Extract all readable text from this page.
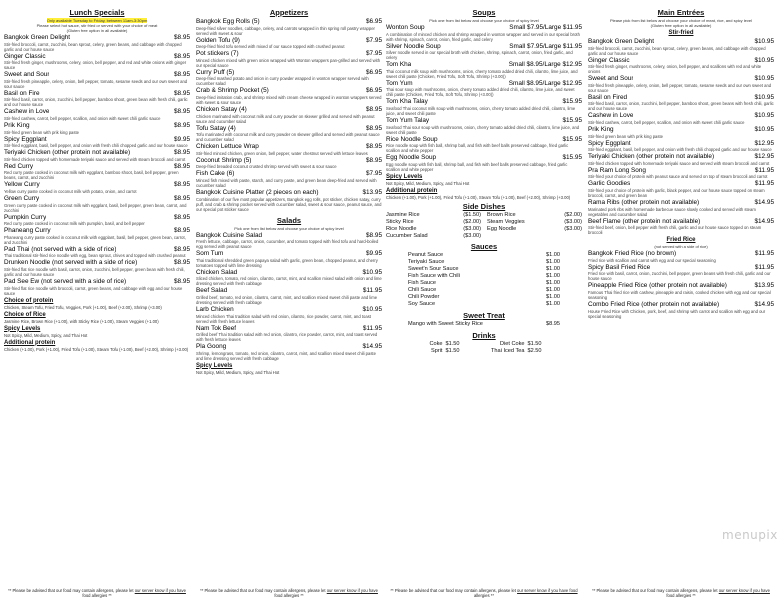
Lunch Specials
Only available Tuesday to Friday, between 11am-3:30pm
Please select hot sauce, stir fried or served with your choice of meat
(Gluten free option in all available)
Bangkok Green Delight	$8.95
Stir-fried broccoli, carrot, zucchini, bean sprout, celery, green beans, and cabbage with chopped garlic and our house sauce
Ginger Classic	$8.95
Stir-fried fresh ginger, mushrooms, celery, onion, bell pepper, and red and white onions with ginger sauce
Sweet and Sour	$8.95
Stir-fried fresh pineapple, celery, onion, bell pepper, tomato, sesame seeds and our own sweet and sour sauce
Basil on Fire	$8.95
Stir-fried basil, carrot, onion, zucchini, bell pepper, bamboo shoot, green bean with fresh chili, garlic and our house sauce
Cashew in Love	$8.95
Stir-fried cashew, carrot, bell pepper, scallion, and onion with sweet chili garlic sauce
Prik King	$8.95
Stir-fried green bean with prik king paste
Spicy Eggplant	$9.95
Stir-fried eggplant, basil, bell pepper, and onion with fresh chili chopped garlic and our house sauce
Teriyaki Chicken (other protein not available)	$8.95
Stir-fried chicken topped with homemade teriyaki sauce and served with steam broccoli and carrot
Red Curry	$8.95
Red curry paste cooked in coconut milk with eggplant, bamboo shoot, basil, bell pepper, green beans, carrot, and zucchini
Yellow Curry	$8.95
Yellow curry paste cooked in coconut milk with potato, onion, and carrot
Green Curry	$8.95
Green curry paste cooked in coconut milk with eggplant, basil, bell pepper, green bean, carrot, and zucchini
Pumpkin Curry	$8.95
Red curry paste cooked in coconut milk with pumpkin, basil, and bell pepper
Phaneang Curry	$8.95
Phaneang curry paste cooked in coconut milk with eggplant, basil, bell pepper, green bean, carrot, and zucchini
Pad Thai (not served with a side of rice)	$8.95
Thai traditional stir-fried rice noodle with egg, bean sprout, chives and topped with crushed peanut
Drunken Noodle (not served with a side of rice)	$8.95
Stir-fried flat rice noodle with basil, carrot, onion, zucchini, bell pepper, green bean with fresh chili, garlic and our house sauce
Pad See Ew (not served with a side of rice)	$8.95
Stir-fried flat rice noodle with broccoli, carrot, green beans, and cabbage with egg and our house sauce
Choice of protein
Chicken, Steam Tofu, Fried Tofu, Veggies, Pork (+1.00), Beef (+2.00), Shrimp (+3.00)
Choice of Rice
Jasmine Rice, Brown Rice (+1.00), with Sticky Rice (+1.00), Steam Veggies (+1.00)
Spicy Levels
Not Spicy, Mild, Medium, Spicy, and Thai Hot
Additional protein
Chicken (+1.00), Pork (+1.00), Fried Tofu (+1.00), Steam Tofu (+1.00), Beef (+2.00), Shrimp (+3.00)
** Please be advised that our food may contain allergens, please let our server know if you have food allergies **
Appetizers
Bangkok Egg Rolls (5)	$6.95
Deep-fried silver noodles, cabbage, celery, and carrots wrapped in thin spring roll pastry wrapper served with sweet & sour
Golden Tofu (9)	$7.95
Deep-fried fried tofu served with mixed of our sauce topped with crushed peanut
Pot stickers (7)	$7.95
Minced chicken mixed with green onion wrapped with Wonton wrappers pan-grilled and served with our special sauce
Curry Puff (5)	$6.95
Deep-fried mashed potato and onion in curry powder wrapped in wonton wrapper served with cucumber salad
Crab & Shrimp Pocket (5)	$6.95
Deep-fried imitation crab, and shrimp mixed with cream cheese wrapped in wonton wrappers served with sweet & sour sauce
Chicken Satay (4)	$8.95
Chicken marinated with coconut milk and curry powder on skewer grilled and served with peanut sauce and cucumber salad
Tofu Satay (4)	$8.95
Tofu marinated with coconut milk and curry powder on skewer grilled and served with peanut sauce and cucumber salad
Chicken Lettuce Wrap	$8.95
Stir-fried minced chicken, green onion, bell pepper, water chestnut served with lettuce leaves
Coconut Shrimp (5)	$8.95
Deep-fried breaded coconut crusted shrimp served with sweet & sour sauce
Fish Cake (6)	$7.95
Minced fish mixed with paste, starch, and curry paste, and green bean deep-fried and served with cucumber salad
Bangkok Cuisine Platter (2 pieces on each)	$13.95
Combination of our five most popular appetizers, Bangkok egg rolls, pot sticker, chicken satay, curry puff, and crab & shrimp pocket served with cucumber salad, sweet & sour sauce, peanut sauce, and our special pot sticker sauce
Salads
Pick one from list below and choose your choice of spicy level
Bangkok Cuisine Salad	$8.95
Fresh lettuce, cabbage, carrot, onion, cucumber, and tomato topped with fried tofu and hard-boiled egg served with peanut sauce
Som Tum	$9.95
Thai traditional shredded green papaya salad with garlic, green bean, chopped peanut, and cherry tomatoes topped with lime dressing
Chicken Salad	$10.95
Sliced chicken, tomato, red onion, cilantro, carrot, mint, and scallion mixed salad with onion and lime dressing served with fresh cabbage
Beef Salad	$11.95
Grilled beef, tomato, red onion, cilantro, carrot, mint, and scallion mixed sweet chili paste and lime dressing served with fresh cabbage
Larb Chicken	$10.95
Minced chicken Thai tradition salad with red onion, cilantro, rice powder, carrot, mint, and toast served with fresh lettuce leaves
Nam Tok Beef	$11.95
Grilled beef Thai tradition salad with red onion, cilantro, rice powder, carrot, mint, and toast served with fresh lettuce leaves
Pla Goong	$14.95
Shrimp, lemongrass, tomato, red onion, cilantro, carrot, mint, and scallion mixed sweet chili paste and lime dressing served with fresh cabbage
Spicy Levels
Not Spicy, Mild, Medium, Spicy, and Thai Hot
** Please be advised that our food may contain allergens, please let our server know if you have food allergies **
Soups
Pick one from list below and choose your choice of spicy level
Wonton Soup	Small $7.95/Large $11.95
A combination of minced chicken and shrimp wrapped in wonton wrapper and served in our special broth with shrimp, spinach, carrot, onion, fried garlic, and celery
Silver Noodle Soup	Small $7.95/Large $11.95
Silver noodle served in our special broth with chicken, shrimp, spinach, carrot, onion, fried garlic, and celery
Tom Kha	Small $8.95/Large $12.95
Thai coconut milk soup with mushrooms, onion, cherry tomato added dried chili, cilantro, lime juice, and sweet chili paste (Chicken, Fried Tofu, Soft Tofu, Shrimp (+3.00))
Tom Yum	Small $8.95/Large $12.95
Thai sour soup with mushrooms, onion, cherry tomato added dried chili, cilantro, lime juice, and sweet chili paste (Chicken, Fried Tofu, Soft Tofu, Shrimp (+3.00))
Tom Kha Talay	$15.95
Seafood Thai coconut milk soup with mushrooms, onion, cherry tomato added dried chili, cilantro, lime juice, and sweet chili paste
Tom Yum Talay	$15.95
Seafood Thai sour soup with mushrooms, onion, cherry tomato added dried chili, cilantro, lime juice, and sweet chili paste
Rice Noodle Soup	$15.95
Rice noodle soup with fish ball, shrimp ball, and fish with beef balls preserved cabbage, fried garlic scallion and white pepper
Egg Noodle Soup	$15.95
Egg noodle soup with fish ball, shrimp ball, and fish with beef balls preserved cabbage, fried garlic scallion and white pepper
Spicy Levels
Not Spicy, Mild, Medium, Spicy, and Thai Hot
Additional protein
Chicken (+1.00), Pork (+1.00), Fried Tofu (+1.00), Steam Tofu (+1.00), Beef (+2.00), Shrimp (+3.00)
Side Dishes
Jasmine Rice	($1.50) Brown Rice	($2.00)
Sticky Rice	($2.00) Steam Veggies	($3.00)
Rice Noodle	($3.00) Egg Noodle	($3.00)
Cucumber Salad	($3.00)
Sauces
Peanut Sauce	$1.00
Teriyaki Sauce	$1.00
Sweet'n Sour Sauce	$1.00
Fish Sauce with Chili	$1.00
Fish Sauce	$1.00
Chili Sauce	$1.00
Chili Powder	$1.00
Soy Sauce	$1.00
Sweet Treat
Mango with Sweet Sticky Rice	$8.95
Drinks
Coke $1.50	Diet Coke $1.50
Sprit $1.50	Thai Iced Tea $2.50
** Please be advised that our food may contain allergens, please let our server know if you have food allergies **
Main Entrées
Please pick from list below and choose your choice of meat, rice, and spicy level
(Gluten free option in all available)
Stir-fried
Bangkok Green Delight	$10.95
Stir-fried broccoli, carrot, zucchini, bean sprout, celery, green beans, and cabbage with chopped garlic and our house sauce
Ginger Classic	$10.95
Stir-fried fresh ginger, mushrooms, celery, onion, bell pepper, and scallions with red and white onions
Sweet and Sour	$10.95
Stir-fried fresh pineapple, celery, onion, bell pepper, tomato, sesame seeds and our own sweet and sour sauce
Basil on Fired	$10.95
Stir-fried basil, carrot, onion, zucchini, bell pepper, bamboo shoot, green beans with fresh chili, garlic and our house sauce
Cashew in Love	$10.95
Stir-fried cashew, carrot, bell pepper, scallion, and onion with sweet chili garlic sauce
Prik King	$10.95
Stir-fried green bean with prik king paste
Spicy Eggplant	$12.95
Stir-fried eggplant, basil, bell pepper, and onion with fresh chili chopped garlic and our house sauce
Teriyaki Chicken (other protein not available)	$12.95
Stir-fried chicken topped with homemade teriyaki sauce and served with steam broccoli and carrot
Pra Ram Long Song	$11.95
Stir-fried your choice of protein with peanut sauce and served on top of steam broccoli and carrot
Garlic Goodies	$11.95
Stir-fried your choice of protein with garlic, black pepper, and our house sauce topped on steam broccoli, carrot, and green bean
Rama Ribs (other protein not available)	$14.95
Marinated pork ribs with homemade barbecue sauce slowly cooked and served with steam vegetables and cucumber salad
Beef Flame (other protein not available)	$14.95
Stir-fried beef, onion, bell pepper with fresh chili, garlic and our house sauce topped on steam broccoli
Fried Rice
(not served with a side of rice)
Bangkok Fried Rice (no brown)	$11.95
Fried rice with scallion and carrot with egg and our special seasoning
Spicy Basil Fried Rice	$11.95
Fried rice with basil, carrot, onion, zucchini, bell pepper, green beans with fresh chili, garlic and our house sauce
Pineapple Fried Rice (other protein not available)	$13.95
Famous Thai fried rice with cashew, pineapple and raisin, cooked chicken with egg and our special seasoning
Combo Fried Rice (other protein not available)	$14.95
House Fried Rice with Chicken, pork, beef, and shrimp with carrot and scallion with egg and our special seasoning
** Please be advised that our food may contain allergens, please let our server know if you have food allergies **
menupix
